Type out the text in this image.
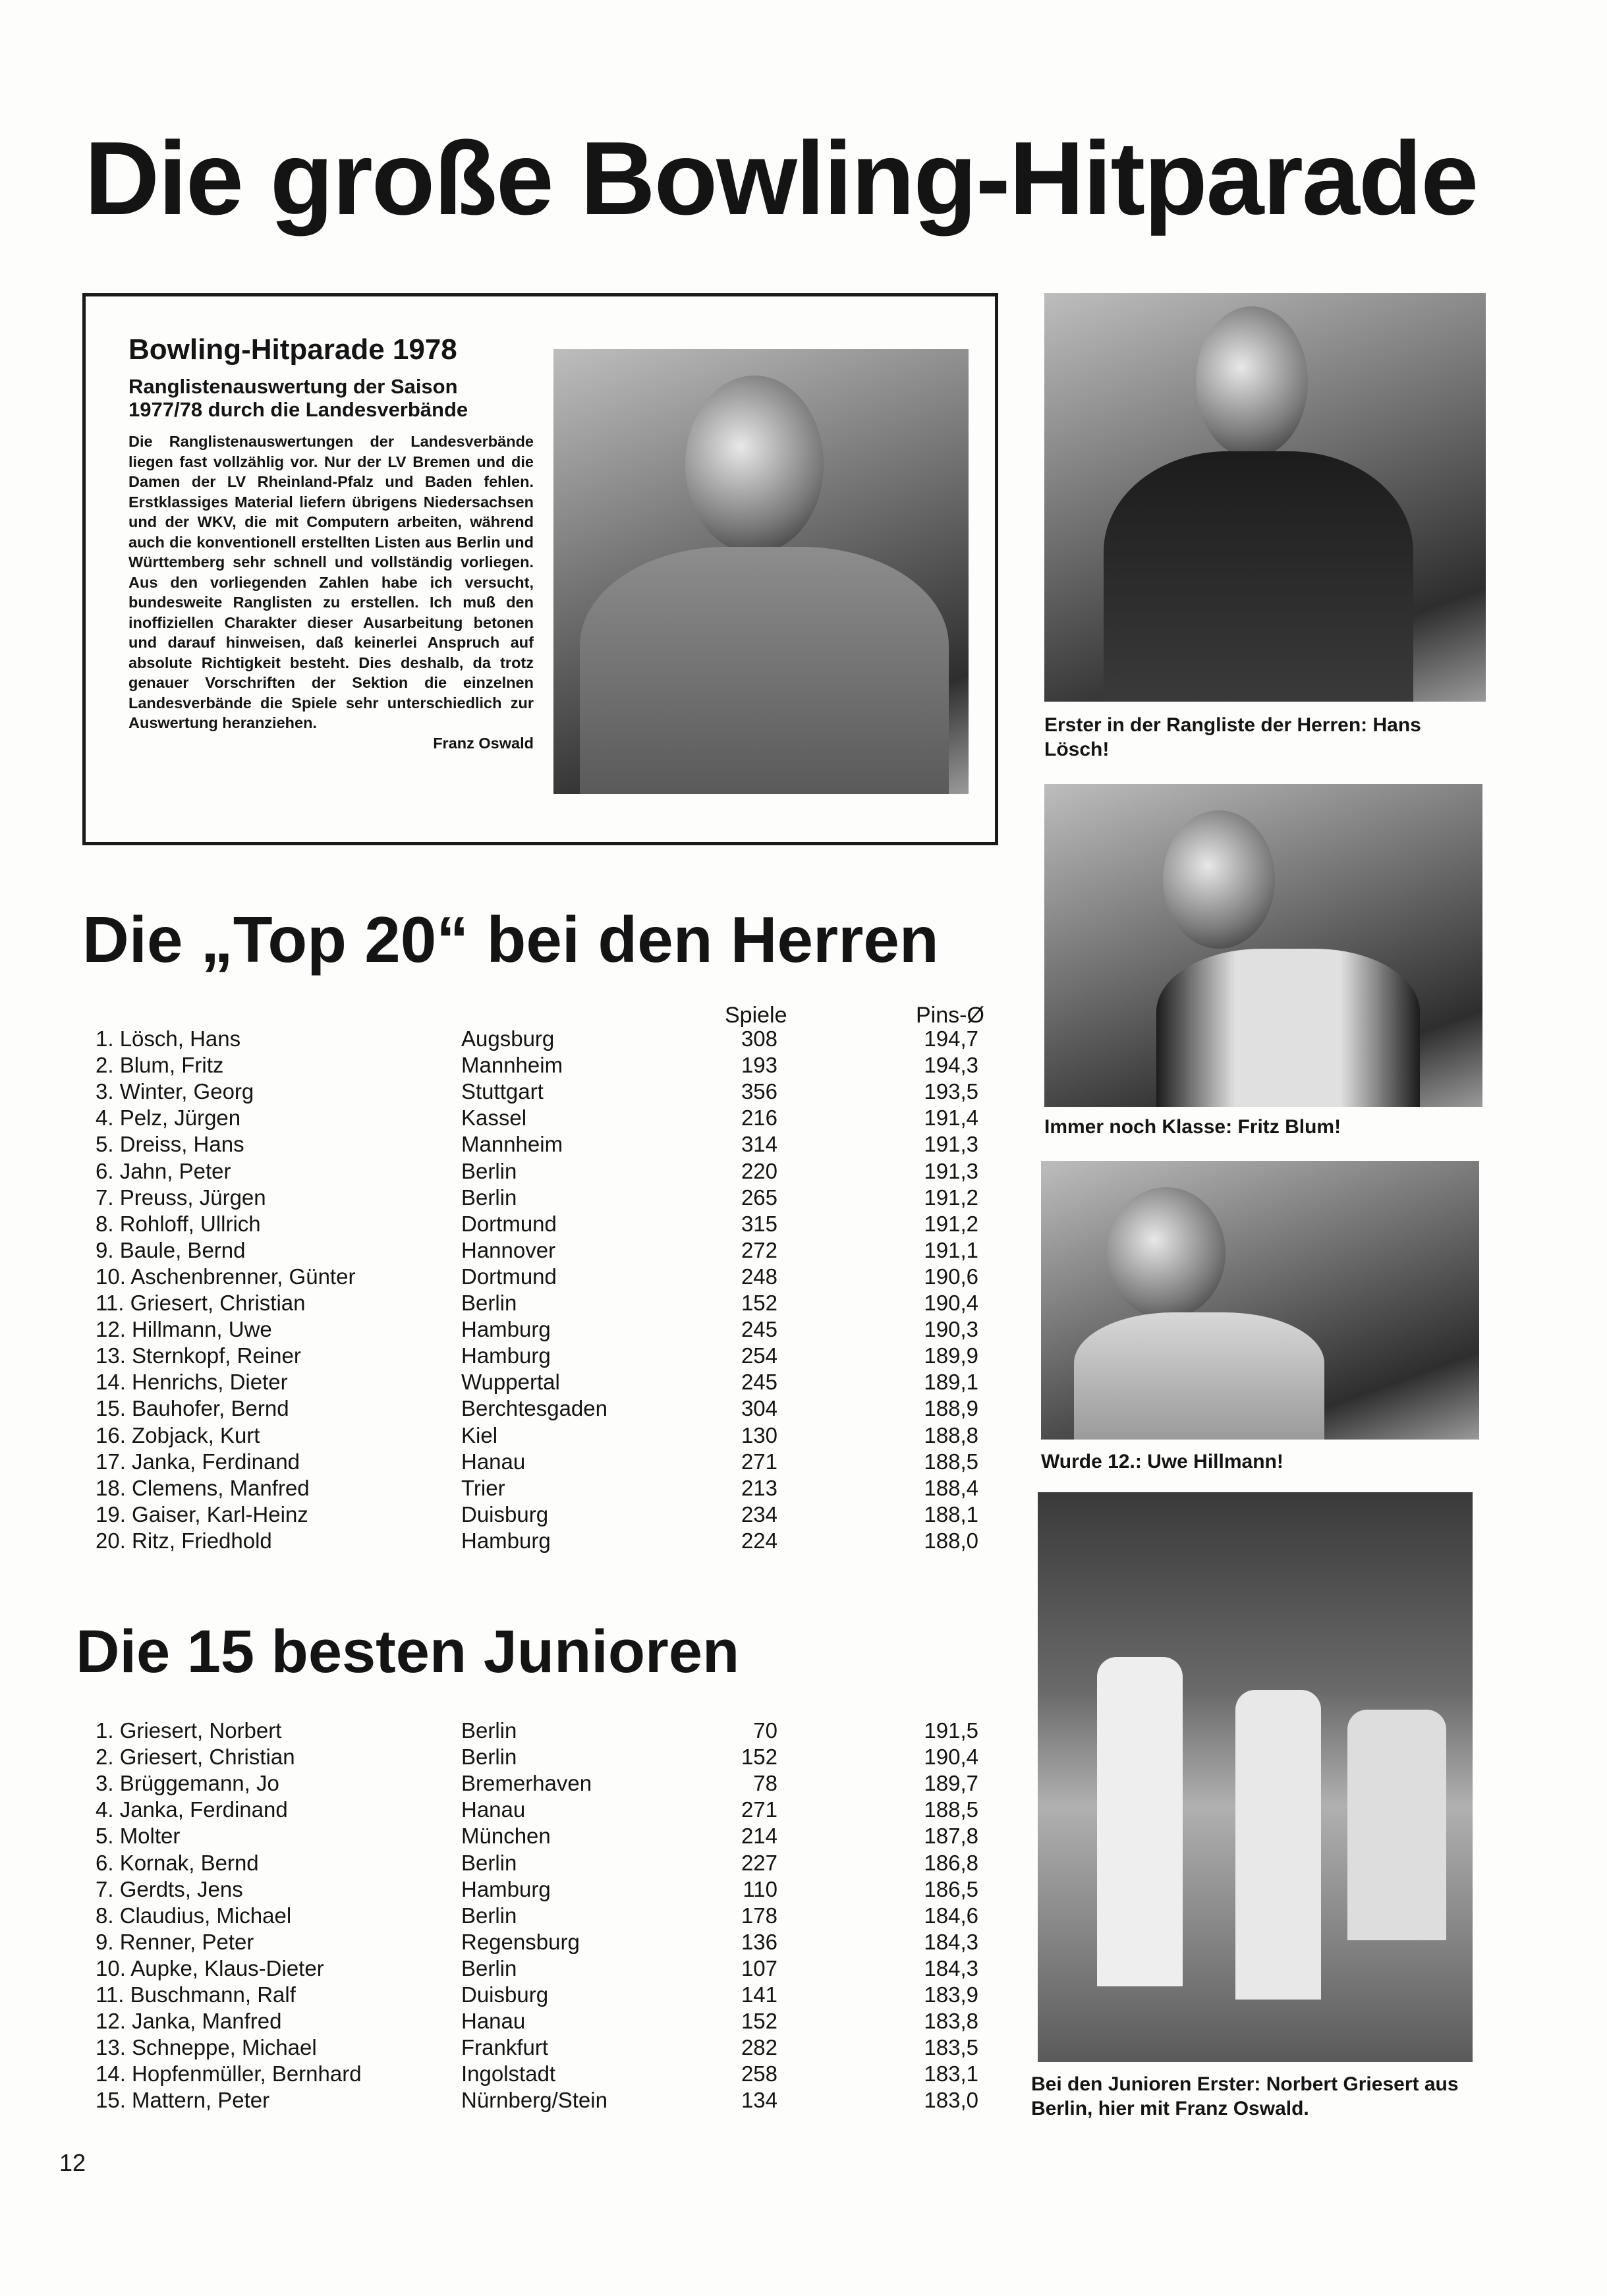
Die große Bowling-Hitparade
Bowling-Hitparade 1978
Ranglistenauswertung der Saison 1977/78 durch die Landesverbände
Die Ranglistenauswertungen der Landesverbände liegen fast vollzählig vor. Nur der LV Bremen und die Damen der LV Rheinland-Pfalz und Baden fehlen. Erstklassiges Material liefern übrigens Niedersachsen und der WKV, die mit Computern arbeiten, während auch die konventionell erstellten Listen aus Berlin und Württemberg sehr schnell und vollständig vorliegen. Aus den vorliegenden Zahlen habe ich versucht, bundesweite Ranglisten zu erstellen. Ich muß den inoffiziellen Charakter dieser Ausarbeitung betonen und darauf hinweisen, daß keinerlei Anspruch auf absolute Richtigkeit besteht. Dies deshalb, da trotz genauer Vorschriften der Sektion die einzelnen Landesverbände die Spiele sehr unterschiedlich zur Auswertung heranziehen.
Franz Oswald
Erster in der Rangliste der Herren: Hans Lösch!
Immer noch Klasse: Fritz Blum!
Wurde 12.: Uwe Hillmann!
Bei den Junioren Erster: Norbert Griesert aus Berlin, hier mit Franz Oswald.
Die „Top 20“ bei den Herren
Spiele	Pins-Ø
1. Lösch, Hans	Augsburg	308	194,7
2. Blum, Fritz	Mannheim	193	194,3
3. Winter, Georg	Stuttgart	356	193,5
4. Pelz, Jürgen	Kassel	216	191,4
5. Dreiss, Hans	Mannheim	314	191,3
6. Jahn, Peter	Berlin	220	191,3
7. Preuss, Jürgen	Berlin	265	191,2
8. Rohloff, Ullrich	Dortmund	315	191,2
9. Baule, Bernd	Hannover	272	191,1
10. Aschenbrenner, Günter	Dortmund	248	190,6
11. Griesert, Christian	Berlin	152	190,4
12. Hillmann, Uwe	Hamburg	245	190,3
13. Sternkopf, Reiner	Hamburg	254	189,9
14. Henrichs, Dieter	Wuppertal	245	189,1
15. Bauhofer, Bernd	Berchtesgaden	304	188,9
16. Zobjack, Kurt	Kiel	130	188,8
17. Janka, Ferdinand	Hanau	271	188,5
18. Clemens, Manfred	Trier	213	188,4
19. Gaiser, Karl-Heinz	Duisburg	234	188,1
20. Ritz, Friedhold	Hamburg	224	188,0
Die 15 besten Junioren
1. Griesert, Norbert	Berlin	70	191,5
2. Griesert, Christian	Berlin	152	190,4
3. Brüggemann, Jo	Bremerhaven	78	189,7
4. Janka, Ferdinand	Hanau	271	188,5
5. Molter	München	214	187,8
6. Kornak, Bernd	Berlin	227	186,8
7. Gerdts, Jens	Hamburg	110	186,5
8. Claudius, Michael	Berlin	178	184,6
9. Renner, Peter	Regensburg	136	184,3
10. Aupke, Klaus-Dieter	Berlin	107	184,3
11. Buschmann, Ralf	Duisburg	141	183,9
12. Janka, Manfred	Hanau	152	183,8
13. Schneppe, Michael	Frankfurt	282	183,5
14. Hopfenmüller, Bernhard	Ingolstadt	258	183,1
15. Mattern, Peter	Nürnberg/Stein	134	183,0
12
